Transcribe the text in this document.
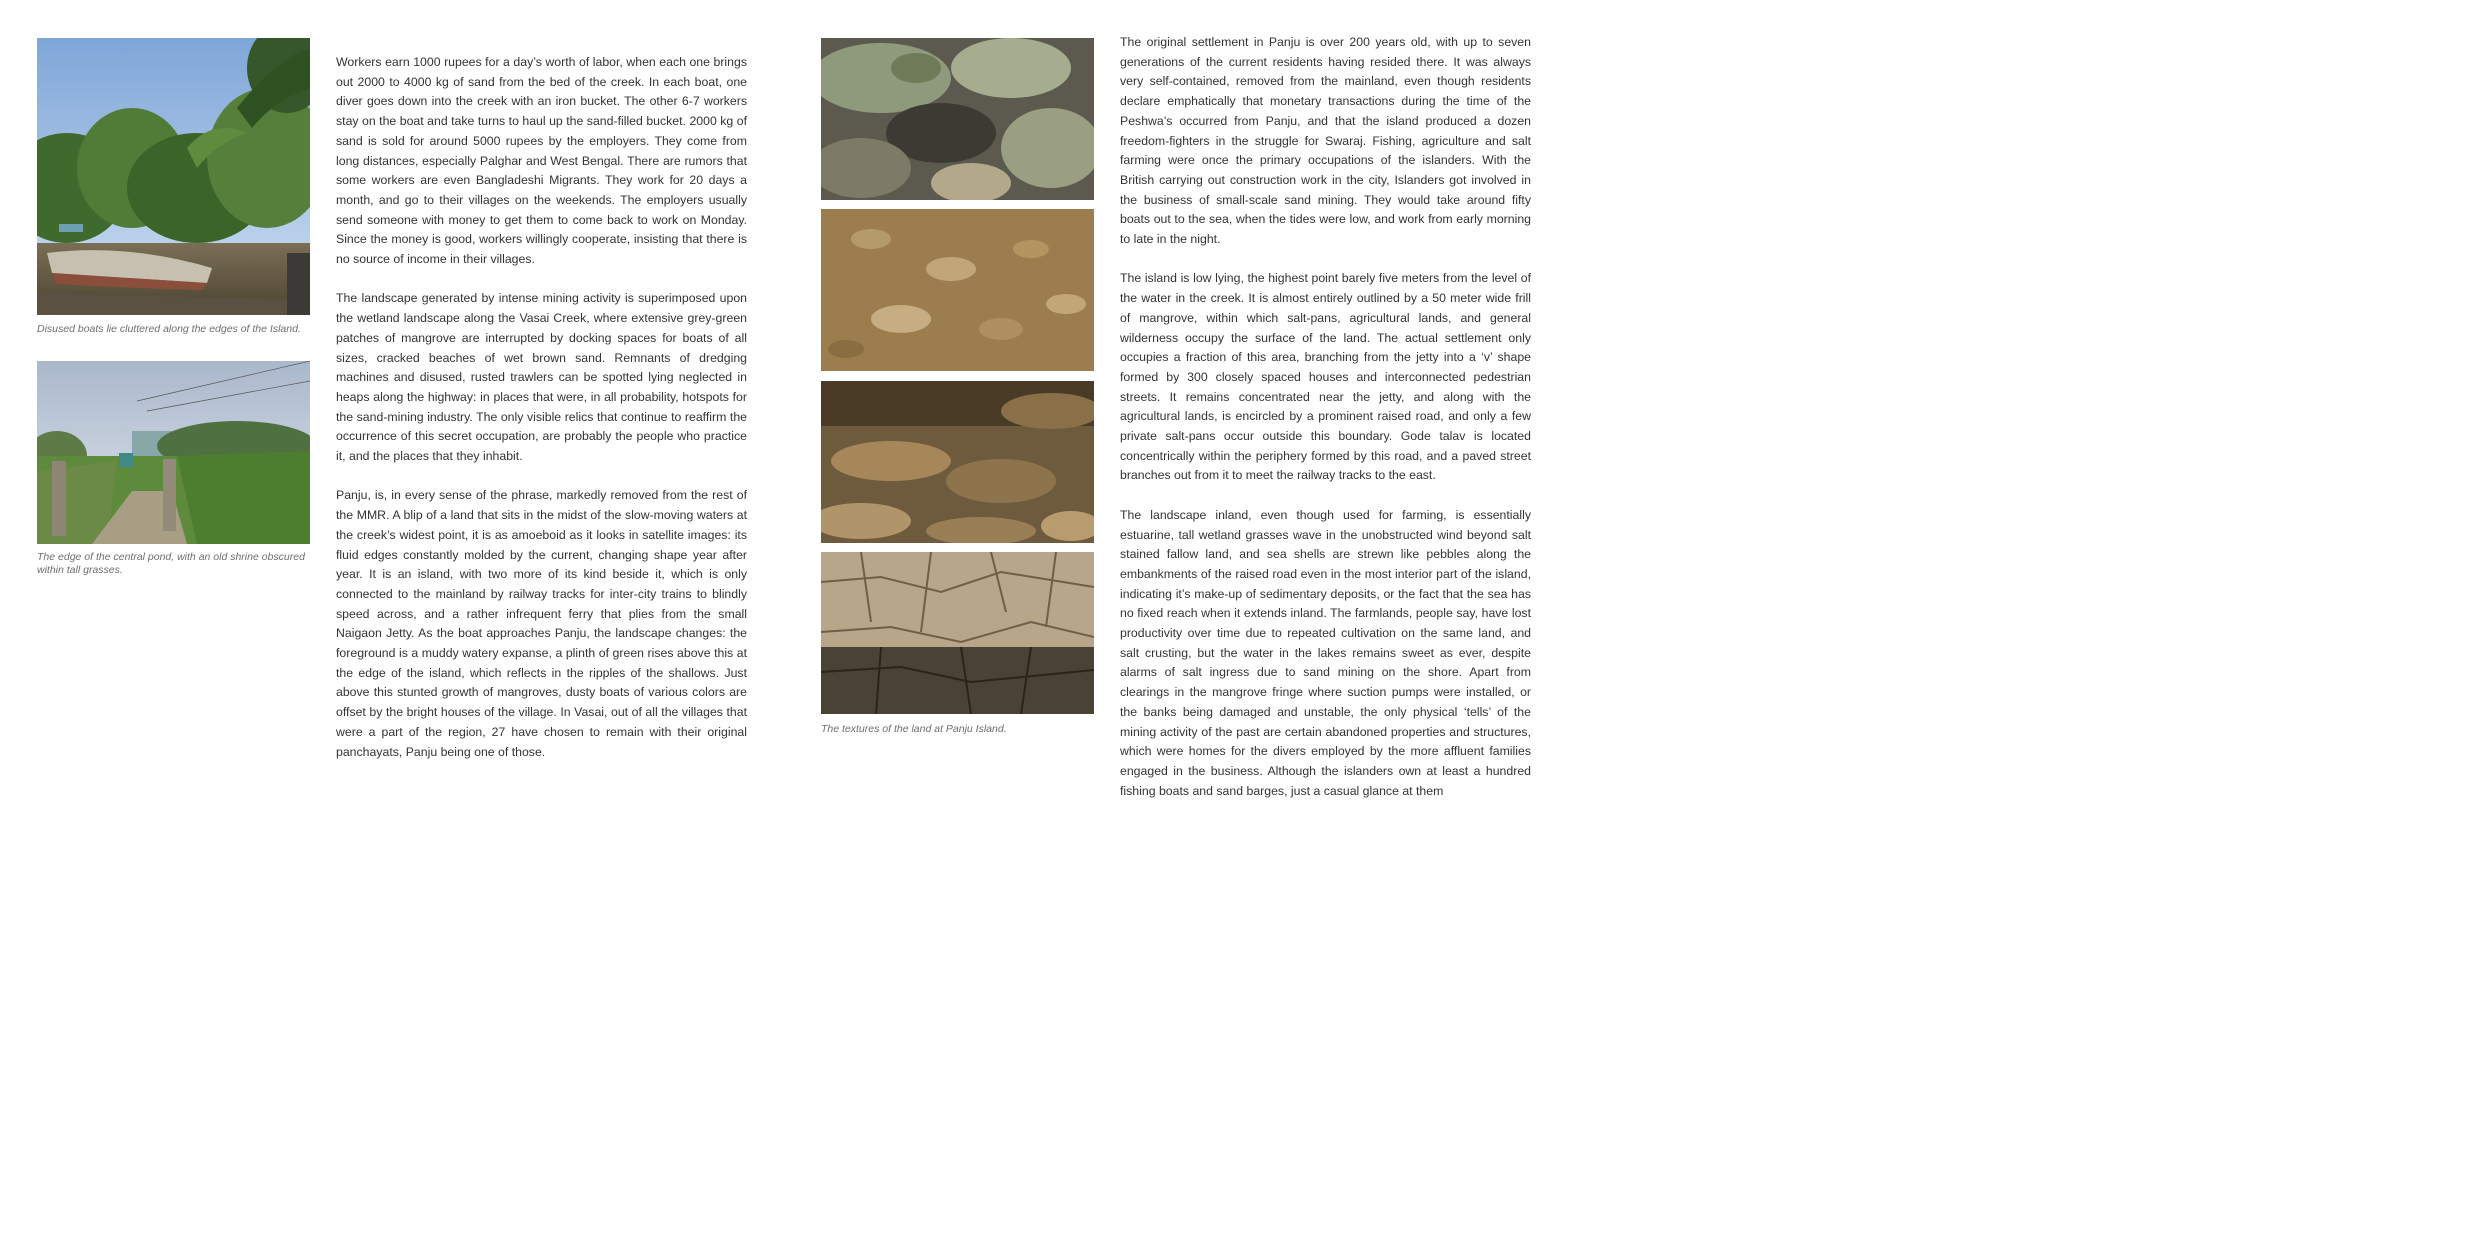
Disused boats lie cluttered along the edges of the Island.

The edge of the central pond, with an old shrine obscured within tall grasses.

Workers earn 1000 rupees for a day’s worth of labor, when each one brings out 2000 to 4000 kg of sand from the bed of the creek. In each boat, one diver goes down into the creek with an iron bucket. The other 6-7 workers stay on the boat and take turns to haul up the sand-filled bucket. 2000 kg of sand is sold for around 5000 rupees by the employers. They come from long distances, especially Palghar and West Bengal. There are rumors that some workers are even Bangladeshi Migrants. They work for 20 days a month, and go to their villages on the weekends. The employers usually send someone with money to get them to come back to work on Monday. Since the money is good, workers willingly cooperate, insisting that there is no source of income in their villages.

The landscape generated by intense mining activity is superimposed upon the wetland landscape along the Vasai Creek, where extensive grey-green patches of mangrove are interrupted by docking spaces for boats of all sizes, cracked beaches of wet brown sand. Remnants of dredging machines and disused, rusted trawlers can be spotted lying neglected in heaps along the highway: in places that were, in all probability, hotspots for the sand-mining industry. The only visible relics that continue to reaffirm the occurrence of this secret occupation, are probably the people who practice it, and the places that they inhabit.

Panju, is, in every sense of the phrase, markedly removed from the rest of the MMR. A blip of a land that sits in the midst of the slow-moving waters at the creek’s widest point, it is as amoeboid as it looks in satellite images: its fluid edges constantly molded by the current, changing shape year after year. It is an island, with two more of its kind beside it, which is only connected to the mainland by railway tracks for inter-city trains to blindly speed across, and a rather infrequent ferry that plies from the small Naigaon Jetty. As the boat approaches Panju, the landscape changes: the foreground is a muddy watery expanse, a plinth of green rises above this at the edge of the island, which reflects in the ripples of the shallows. Just above this stunted growth of mangroves, dusty boats of various colors are offset by the bright houses of the village. In Vasai, out of all the villages that were a part of the region, 27 have chosen to remain with their original panchayats, Panju being one of those.

The textures of the land at Panju Island.

The original settlement in Panju is over 200 years old, with up to seven generations of the current residents having resided there. It was always very self-contained, removed from the mainland, even though residents declare emphatically that monetary transactions during the time of the Peshwa’s occurred from Panju, and that the island produced a dozen freedom-fighters in the struggle for Swaraj. Fishing, agriculture and salt farming were once the primary occupations of the islanders. With the British carrying out construction work in the city, Islanders got involved in the business of small-scale sand mining. They would take around fifty boats out to the sea, when the tides were low, and work from early morning to late in the night.

The island is low lying, the highest point barely five meters from the level of the water in the creek. It is almost entirely outlined by a 50 meter wide frill of mangrove, within which salt-pans, agricultural lands, and general wilderness occupy the surface of the land. The actual settlement only occupies a fraction of this area, branching from the jetty into a ‘v’ shape formed by 300 closely spaced houses and interconnected pedestrian streets. It remains concentrated near the jetty, and along with the agricultural lands, is encircled by a prominent raised road, and only a few private salt-pans occur outside this boundary. Gode talav is located concentrically within the periphery formed by this road, and a paved street branches out from it to meet the railway tracks to the east.

The landscape inland, even though used for farming, is essentially estuarine, tall wetland grasses wave in the unobstructed wind beyond salt stained fallow land, and sea shells are strewn like pebbles along the embankments of the raised road even in the most interior part of the island, indicating it’s make-up of sedimentary deposits, or the fact that the sea has no fixed reach when it extends inland. The farmlands, people say, have lost productivity over time due to repeated cultivation on the same land, and salt crusting, but the water in the lakes remains sweet as ever, despite alarms of salt ingress due to sand mining on the shore. Apart from clearings in the mangrove fringe where suction pumps were installed, or the banks being damaged and unstable, the only physical ‘tells’ of the mining activity of the past are certain abandoned properties and structures, which were homes for the divers employed by the more affluent families engaged in the business. Although the islanders own at least a hundred fishing boats and sand barges, just a casual glance at them
